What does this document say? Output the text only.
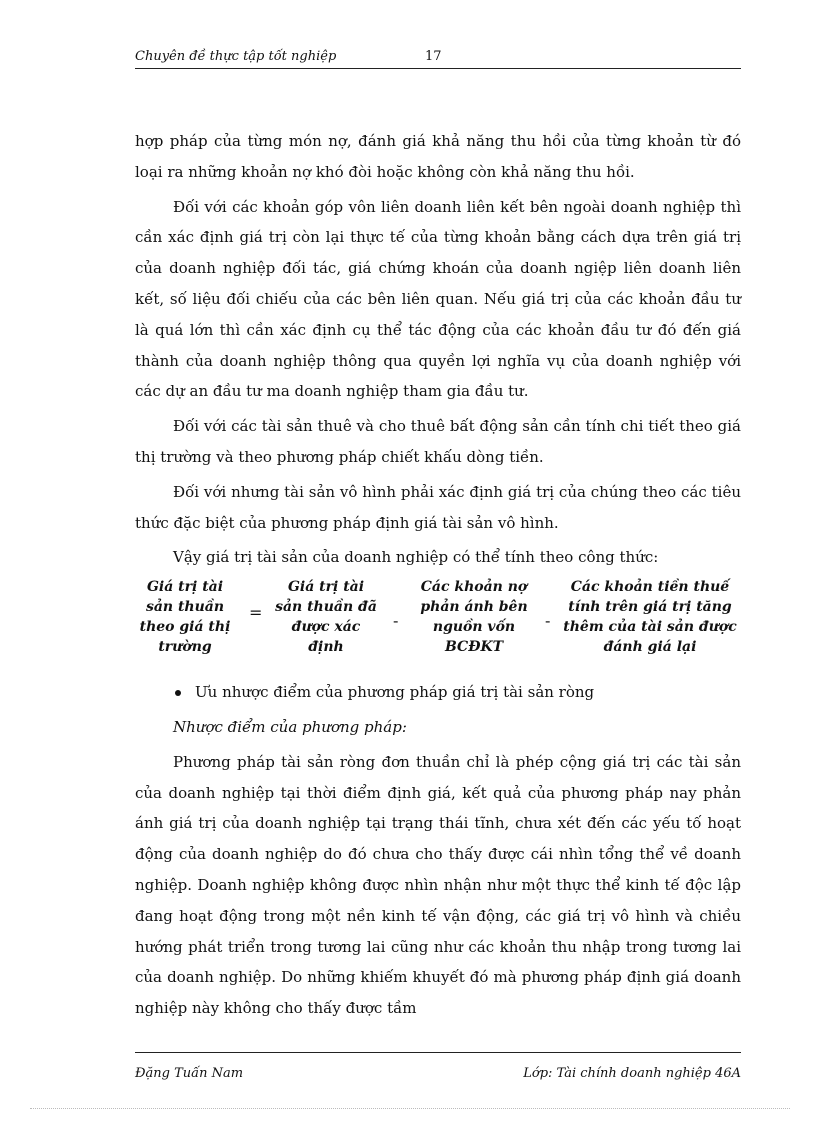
Chuyên đề thực tập tốt nghiệp	17

hợp pháp của từng món nợ, đánh giá khả năng thu hồi của từng khoản từ đó loại ra những khoản nợ khó đòi hoặc không còn khả năng thu hồi.

Đối với các khoản góp vôn liên doanh liên kết bên ngoài doanh nghiệp thì cần xác định giá trị còn lại thực tế của từng khoản bằng cách dựa trên giá trị của doanh nghiệp đối tác, giá chứng khoán của doanh ngiệp liên doanh liên kết, số liệu đối chiếu của các bên liên quan. Nếu giá trị của các khoản đầu tư là quá lớn thì cần xác định cụ thể tác động của các khoản đầu tư đó đến giá thành của doanh nghiệp thông qua quyền lợi nghĩa vụ của doanh nghiệp với các dự an đầu tư ma doanh nghiệp tham gia đầu tư.

Đối với các tài sản thuê và cho thuê bất động sản cần tính chi tiết theo giá thị trường và theo phương pháp chiết khấu dòng tiền.

Đối với nhưng tài sản vô hình phải xác định giá trị của chúng theo các tiêu thức đặc biệt của phương pháp định giá tài sản vô hình.

Vậy giá trị tài sản của doanh nghiệp có thể tính theo công thức:

Giá trị tài
sản thuần
theo giá thị
trường
=
Giá trị tài
sản thuần đã
được xác
định
-
Các khoản nợ
phản ánh bên
nguồn vốn
BCĐKT
-
Các khoản tiền thuế
tính trên giá trị tăng
thêm của tài sản được
đánh giá lại

Ưu nhược điểm của phương pháp giá trị tài sản ròng

Nhược điểm của phương pháp:

Phương pháp tài sản ròng đơn thuần chỉ là phép cộng giá trị các tài sản của doanh nghiệp tại thời điểm định giá, kết quả của phương pháp nay phản ánh giá trị của doanh nghiệp tại trạng thái tĩnh, chưa xét đến các yếu tố hoạt động của doanh nghiệp do đó chưa cho thấy được cái nhìn tổng thể về doanh nghiệp. Doanh nghiệp không được nhìn nhận như một thực thể kinh tế độc lập đang hoạt động trong một nền kinh tế vận động, các giá trị vô hình và chiều hướng phát triển trong tương lai cũng như các khoản thu nhập trong tương lai của doanh nghiệp. Do những khiếm khuyết đó mà phương pháp định giá doanh nghiệp này không cho thấy được tầm

Đặng Tuấn Nam	Lớp: Tài chính doanh nghiệp 46A
